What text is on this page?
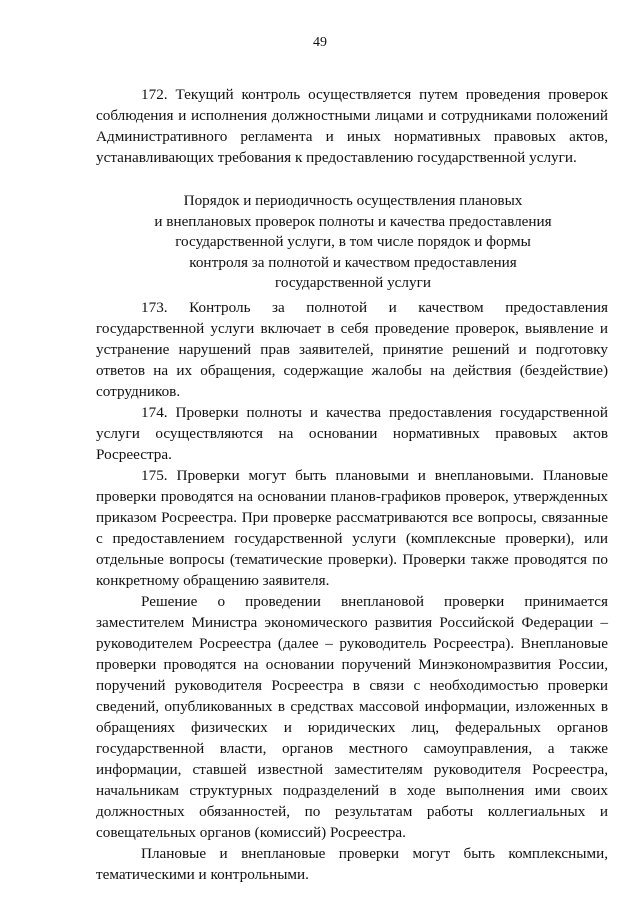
49

172. Текущий контроль осуществляется путем проведения проверок соблюдения и исполнения должностными лицами и сотрудниками положений Административного регламента и иных нормативных правовых актов, устанавливающих требования к предоставлению государственной услуги.

Порядок и периодичность осуществления плановых
и внеплановых проверок полноты и качества предоставления
государственной услуги, в том числе порядок и формы
контроля за полнотой и качеством предоставления
государственной услуги

173. Контроль за полнотой и качеством предоставления государственной услуги включает в себя проведение проверок, выявление и устранение нарушений прав заявителей, принятие решений и подготовку ответов на их обращения, содержащие жалобы на действия (бездействие) сотрудников.

174. Проверки полноты и качества предоставления государственной услуги осуществляются на основании нормативных правовых актов Росреестра.

175. Проверки могут быть плановыми и внеплановыми. Плановые проверки проводятся на основании планов-графиков проверок, утвержденных приказом Росреестра. При проверке рассматриваются все вопросы, связанные с предоставлением государственной услуги (комплексные проверки), или отдельные вопросы (тематические проверки). Проверки также проводятся по конкретному обращению заявителя.

Решение о проведении внеплановой проверки принимается заместителем Министра экономического развития Российской Федерации – руководителем Росреестра (далее – руководитель Росреестра). Внеплановые проверки проводятся на основании поручений Минэкономразвития России, поручений руководителя Росреестра в связи с необходимостью проверки сведений, опубликованных в средствах массовой информации, изложенных в обращениях физических и юридических лиц, федеральных органов государственной власти, органов местного самоуправления, а также информации, ставшей известной заместителям руководителя Росреестра, начальникам структурных подразделений в ходе выполнения ими своих должностных обязанностей, по результатам работы коллегиальных и совещательных органов (комиссий) Росреестра.

Плановые и внеплановые проверки могут быть комплексными, тематическими и контрольными.
